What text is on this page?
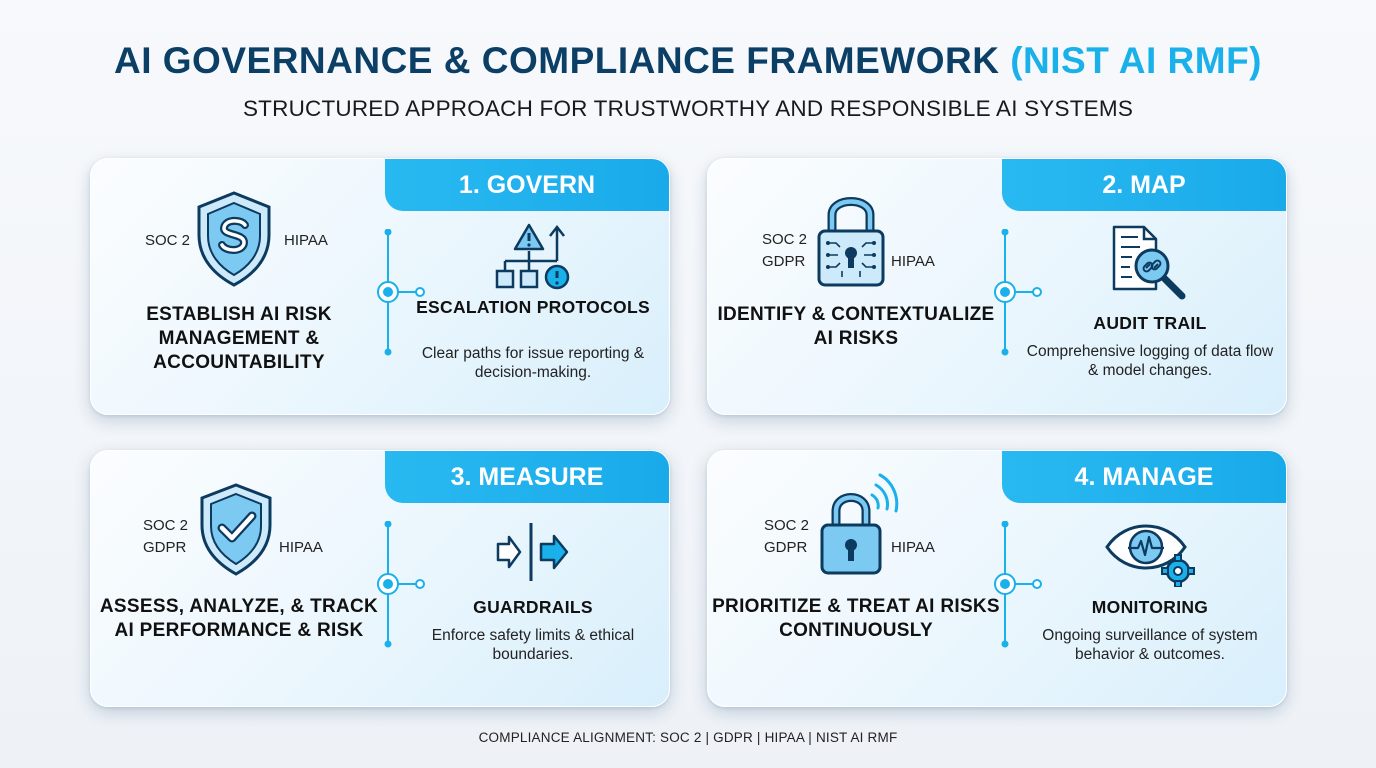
AI GOVERNANCE & COMPLIANCE FRAMEWORK (NIST AI RMF)
STRUCTURED APPROACH FOR TRUSTWORTHY AND RESPONSIBLE AI SYSTEMS
1. GOVERN
SOC 2	HIPAA
ESTABLISH AI RISK MANAGEMENT & ACCOUNTABILITY
ESCALATION PROTOCOLS
Clear paths for issue reporting & decision-making.
2. MAP
SOC 2
GDPR	HIPAA
IDENTIFY & CONTEXTUALIZE AI RISKS
AUDIT TRAIL
Comprehensive logging of data flow & model changes.
3. MEASURE
SOC 2
GDPR	HIPAA
ASSESS, ANALYZE, & TRACK AI PERFORMANCE & RISK
GUARDRAILS
Enforce safety limits & ethical boundaries.
4. MANAGE
SOC 2
GDPR	HIPAA
PRIORITIZE & TREAT AI RISKS CONTINUOUSLY
MONITORING
Ongoing surveillance of system behavior & outcomes.
COMPLIANCE ALIGNMENT: SOC 2 | GDPR | HIPAA | NIST AI RMF
